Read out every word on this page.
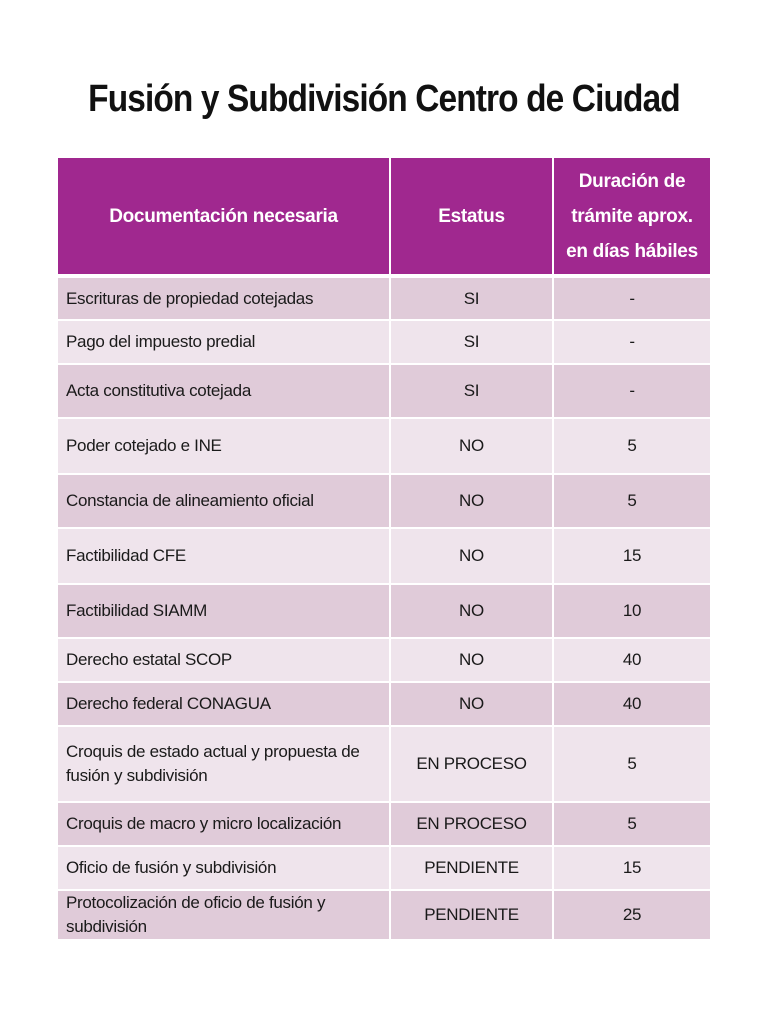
Fusión y Subdivisión Centro de Ciudad
Documentación necesaria	Estatus	Duración de trámite aprox. en días hábiles
Escrituras de propiedad cotejadas	SI	-
Pago del impuesto predial	SI	-
Acta constitutiva cotejada	SI	-
Poder cotejado e INE	NO	5
Constancia de alineamiento oficial	NO	5
Factibilidad CFE	NO	15
Factibilidad SIAMM	NO	10
Derecho estatal SCOP	NO	40
Derecho federal CONAGUA	NO	40
Croquis de estado actual y propuesta de fusión y subdivisión	EN PROCESO	5
Croquis de macro y micro localización	EN PROCESO	5
Oficio de fusión y subdivisión	PENDIENTE	15
Protocolización de oficio de fusión y subdivisión	PENDIENTE	25
